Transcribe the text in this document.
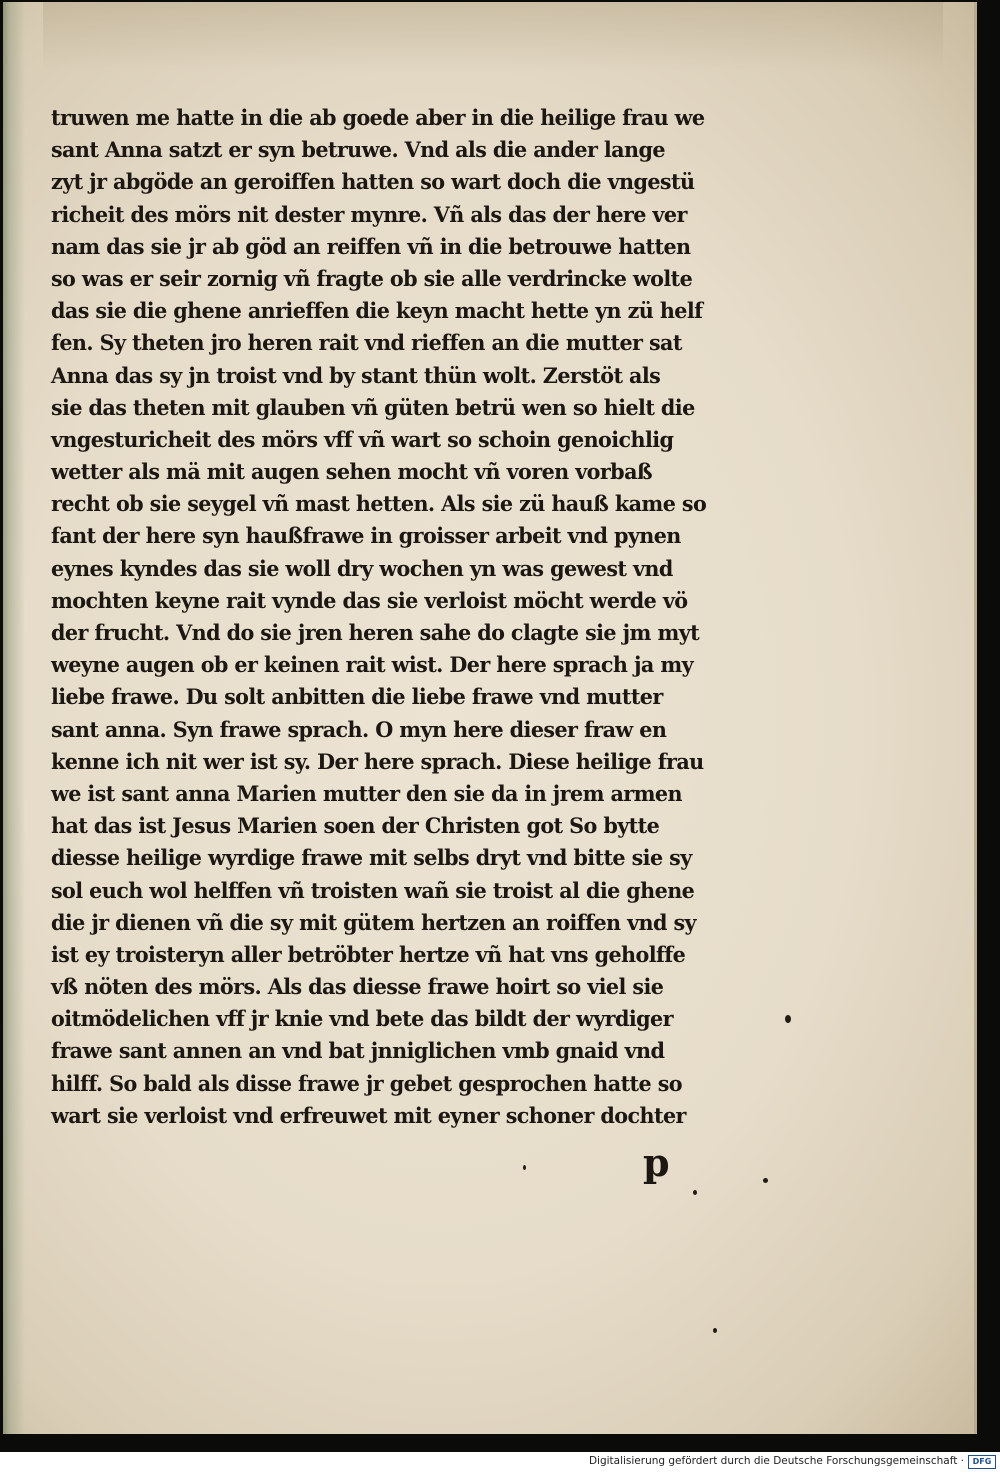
truwen me hatte in die ab goede aber in die heilige frau we
sant Anna satzt er syn betruwe. Vnd als die ander lange
zyt jr abgöde an geroiffen hatten so wart doch die vngestü
richeit des mörs nit dester mynre. Vñ als das der here ver
nam das sie jr ab göd an reiffen vñ in die betrouwe hatten
so was er seir zornig vñ fragte ob sie alle verdrincke wolte
das sie die ghene anrieffen die keyn macht hette yn zü helf
fen. Sy theten jro heren rait vnd rieffen an die mutter sat
Anna das sy jn troist vnd by stant thün wolt. Zerstöt als
sie das theten mit glauben vñ güten betrü wen so hielt die
vngesturicheit des mörs vff vñ wart so schoin genoichlig
wetter als mä mit augen sehen mocht vñ voren vorbaß
recht ob sie seygel vñ mast hetten. Als sie zü hauß kame so
fant der here syn haußfrawe in groisser arbeit vnd pynen
eynes kyndes das sie woll dry wochen yn was gewest vnd
mochten keyne rait vynde das sie verloist möcht werde vö
der frucht. Vnd do sie jren heren sahe do clagte sie jm myt
weyne augen ob er keinen rait wist. Der here sprach ja my
liebe frawe. Du solt anbitten die liebe frawe vnd mutter
sant anna. Syn frawe sprach. O myn here dieser fraw en
kenne ich nit wer ist sy. Der here sprach. Diese heilige frau
we ist sant anna Marien mutter den sie da in jrem armen
hat das ist Jesus Marien soen der Christen got So bytte
diesse heilige wyrdige frawe mit selbs dryt vnd bitte sie sy
sol euch wol helffen vñ troisten wañ sie troist al die ghene
die jr dienen vñ die sy mit gütem hertzen an roiffen vnd sy
ist ey troisteryn aller betröbter hertze vñ hat vns geholffe
vß nöten des mörs. Als das diesse frawe hoirt so viel sie
oitmödelichen vff jr knie vnd bete das bildt der wyrdiger
frawe sant annen an vnd bat jnniglichen vmb gnaid vnd
hilff. So bald als disse frawe jr gebet gesprochen hatte so
wart sie verloist vnd erfreuwet mit eyner schoner dochter
p
Digitalisierung gefördert durch die Deutsche Forschungsgemeinschaft ·	DFG
